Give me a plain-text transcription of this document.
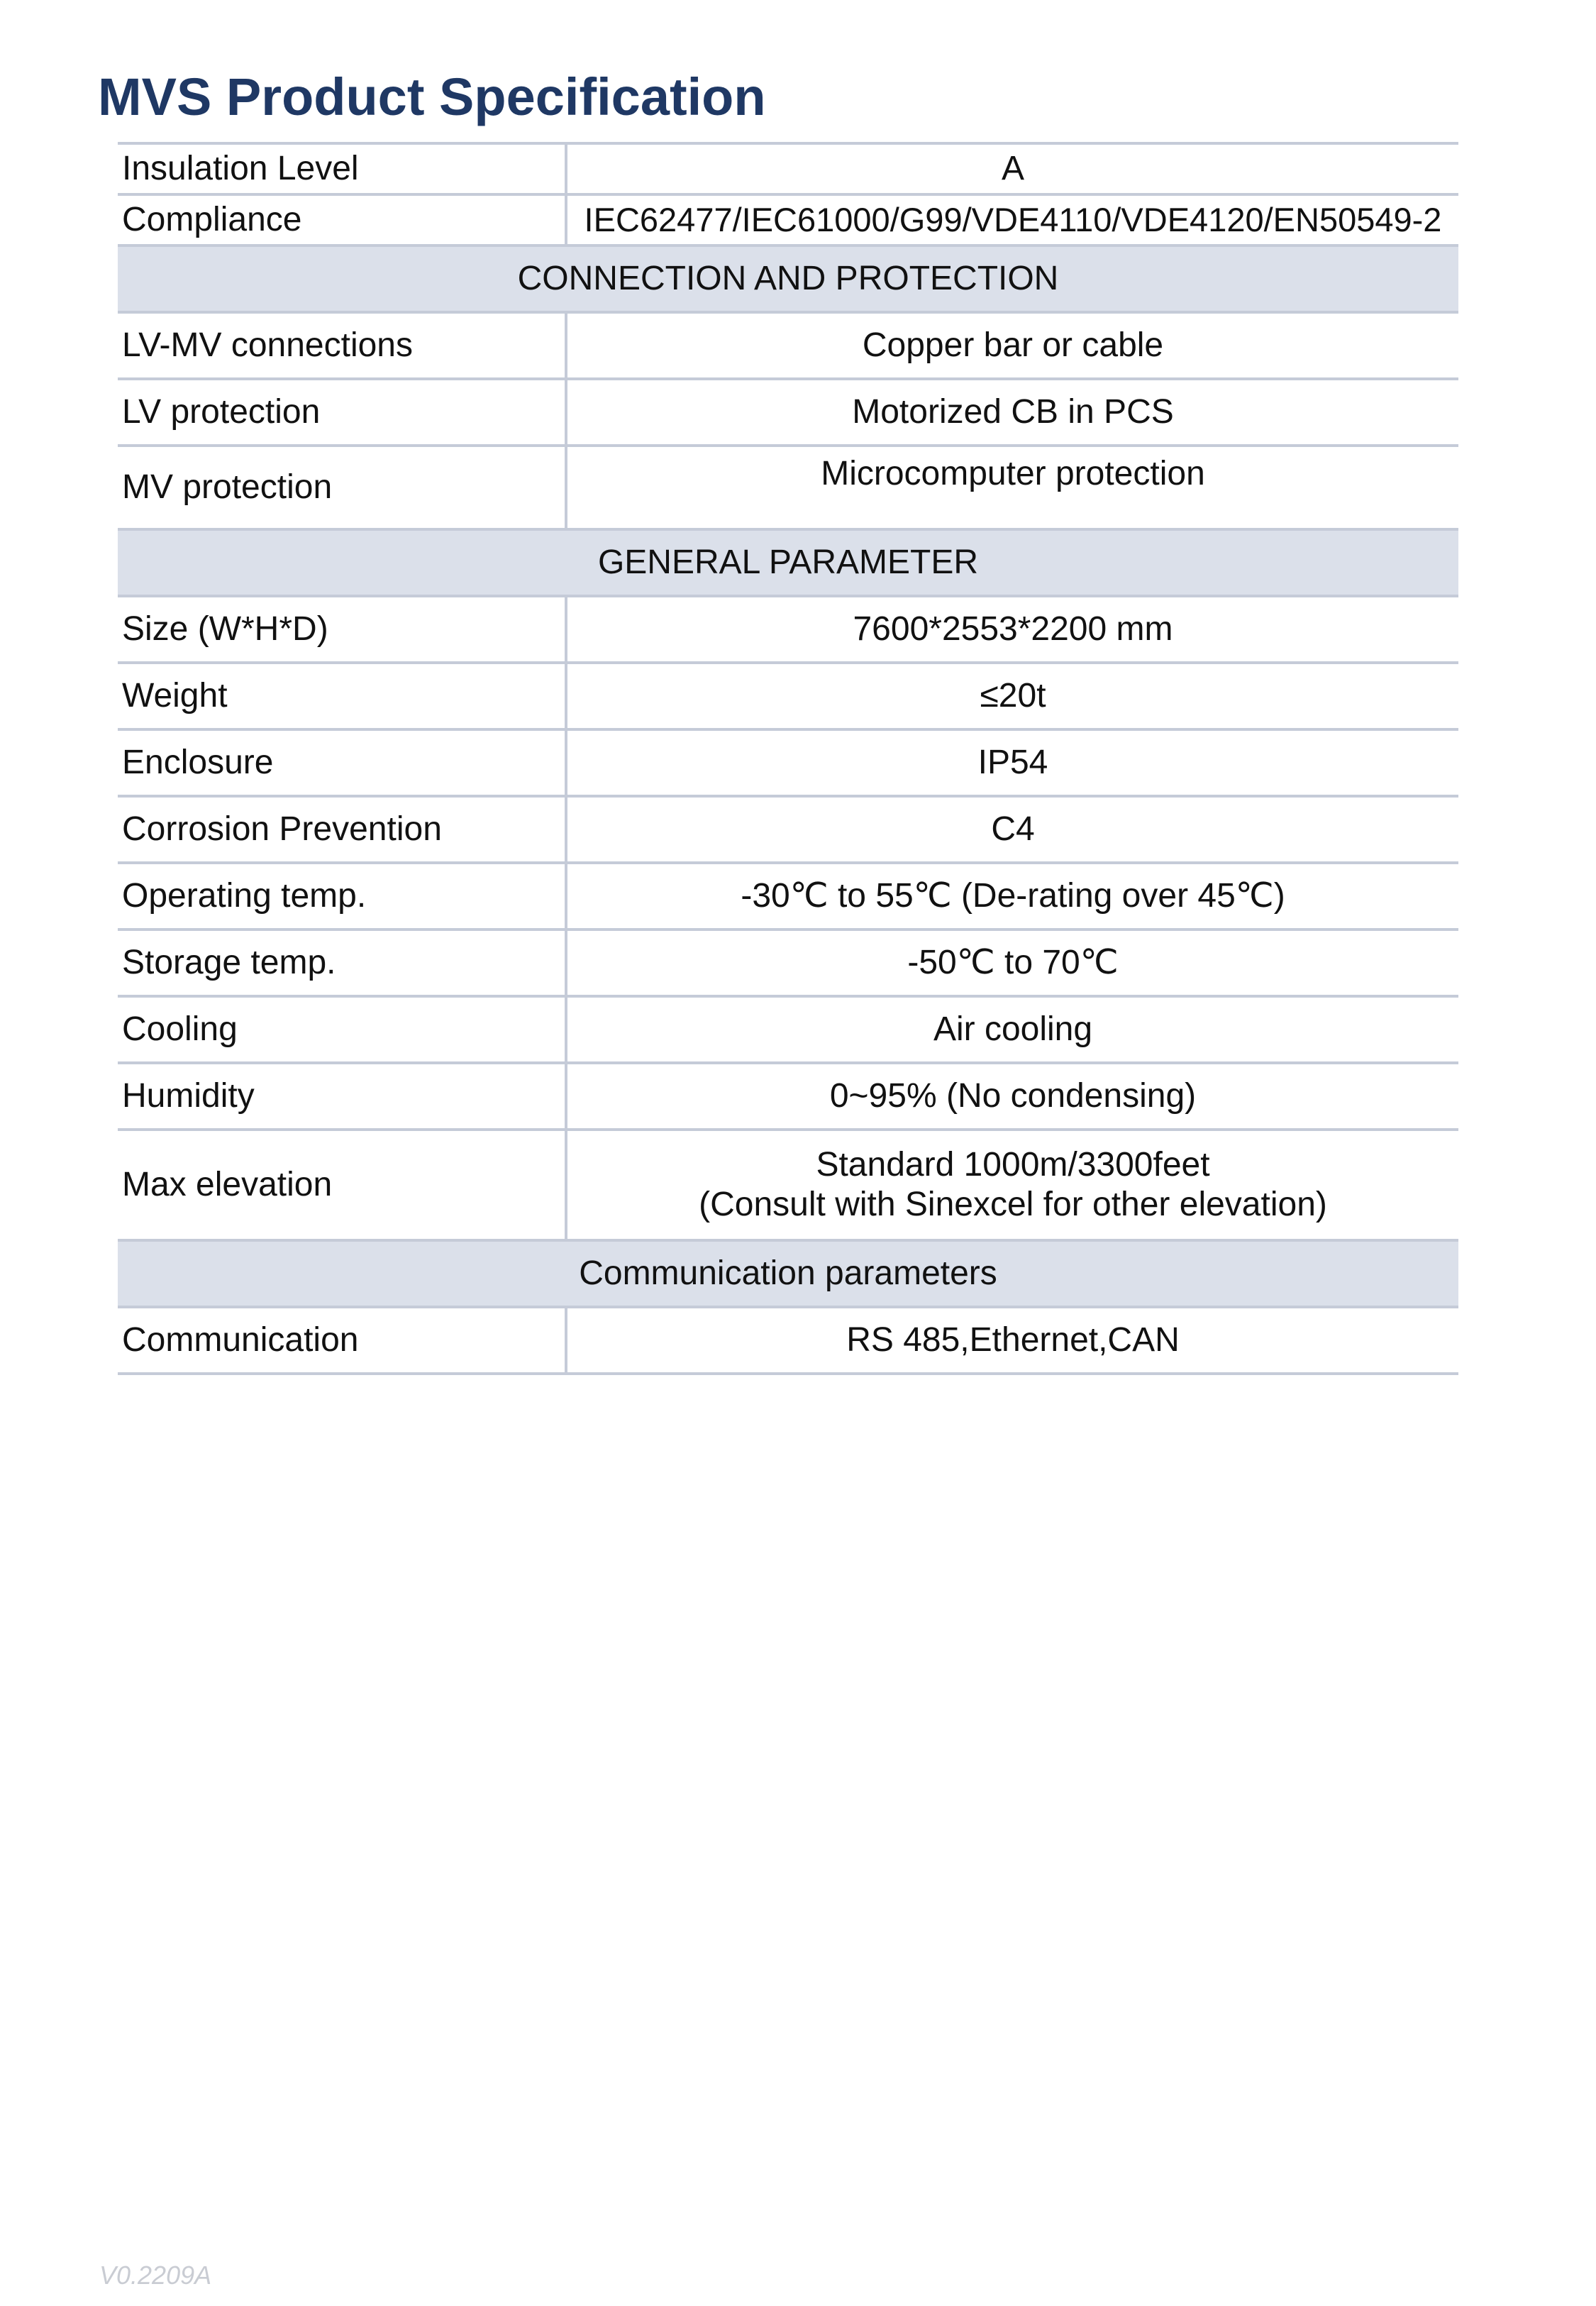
MVS Product Specification
Insulation Level	A
Compliance	IEC62477/IEC61000/G99/VDE4110/VDE4120/EN50549-2
CONNECTION AND PROTECTION	
LV-MV connections	Copper bar or cable
LV protection	Motorized CB in PCS
MV protection	Microcomputer protection
GENERAL PARAMETER	
Size (W*H*D)	7600*2553*2200 mm
Weight	≤20t
Enclosure	IP54
Corrosion Prevention	C4
Operating temp.	-30℃ to 55℃ (De-rating over 45℃)
Storage temp.	-50℃ to 70℃
Cooling	Air cooling
Humidity	0~95% (No condensing)
Max elevation	Standard 1000m/3300feet
(Consult with Sinexcel for other elevation)

Communication parameters	
Communication	RS 485,Ethernet,CAN
V0.2209A
